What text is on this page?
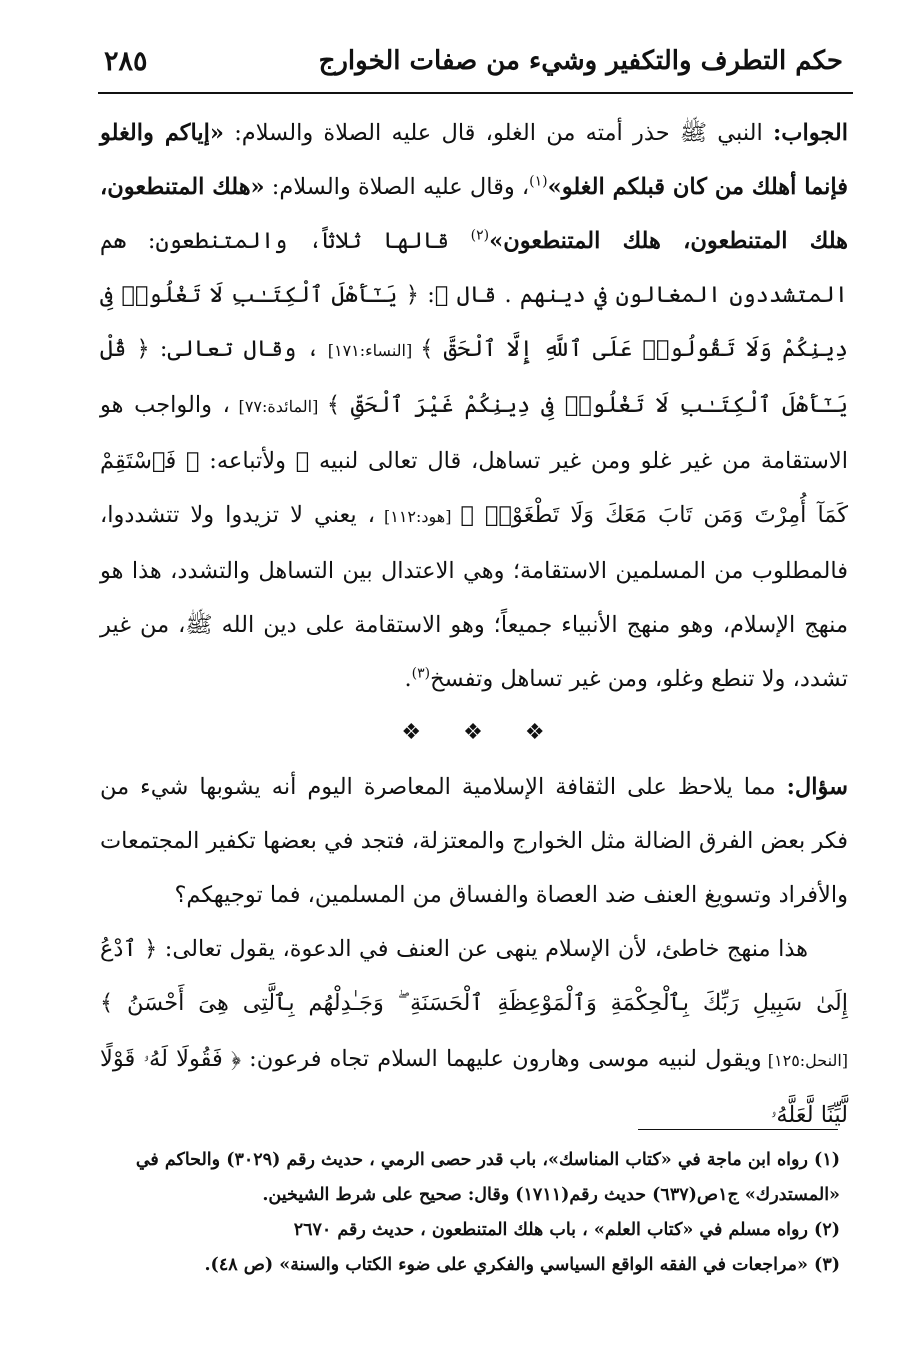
٢٨٥	حكم التطرف والتكفير وشيء من صفات الخوارج

الجواب: النبي ﷺ حذر أمته من الغلو، قال عليه الصلاة والسلام: «إياكم والغلو فإنما أهلك من كان قبلكم الغلو»$^{(١)}$، وقال عليه الصلاة والسلام: «هلك المتنطعون، هلك المتنطعون، هلك المتنطعون»$^{(٢)}$ قالها ثلاثاً، والمتنطعون: هم المتشددون المغالون في دينهم . قال ﷺ: ﴿ يَـٰٓأَهْلَ ٱلْكِتَـٰبِ لَا تَغْلُوا۟ فِى دِينِكُمْ وَلَا تَقُولُوا۟ عَلَى ٱللَّهِ إِلَّا ٱلْحَقَّ ﴾ [النساء:١٧١] ، وقال تعالى: ﴿ قُلْ يَـٰٓأَهْلَ ٱلْكِتَـٰبِ لَا تَغْلُوا۟ فِى دِينِكُمْ غَيْرَ ٱلْحَقِّ ﴾ [المائدة:٧٧] ، والواجب هو الاستقامة من غير غلو ومن غير تساهل، قال تعالى لنبيه ﷺ ولأتباعه: ﴿ فَٱسْتَقِمْ كَمَآ أُمِرْتَ وَمَن تَابَ مَعَكَ وَلَا تَطْغَوْا۟ ﴾ [هود:١١٢] ، يعني لا تزيدوا ولا تتشددوا، فالمطلوب من المسلمين الاستقامة؛ وهي الاعتدال بين التساهل والتشدد، هذا هو منهج الإسلام، وهو منهج الأنبياء جميعاً؛ وهو الاستقامة على دين الله ﷺ، من غير تشدد، ولا تنطع وغلو، ومن غير تساهل وتفسخ$^{(٣)}$.

❖ ❖ ❖

سؤال: مما يلاحظ على الثقافة الإسلامية المعاصرة اليوم أنه يشوبها شيء من فكر بعض الفرق الضالة مثل الخوارج والمعتزلة، فتجد في بعضها تكفير المجتمعات والأفراد وتسويغ العنف ضد العصاة والفساق من المسلمين، فما توجيهكم؟

هذا منهج خاطئ، لأن الإسلام ينهى عن العنف في الدعوة، يقول تعالى: ﴿ ٱدْعُ إِلَىٰ سَبِيلِ رَبِّكَ بِٱلْحِكْمَةِ وَٱلْمَوْعِظَةِ ٱلْحَسَنَةِ ۖ وَجَـٰدِلْهُم بِٱلَّتِى هِىَ أَحْسَنُ ﴾ [النحل:١٢٥] ويقول لنبيه موسى وهارون عليهما السلام تجاه فرعون: ﴿ فَقُولَا لَهُۥ قَوْلًا لَّيِّنًا لَّعَلَّهُۥ

(١) رواه ابن ماجة في «كتاب المناسك»، باب قدر حصى الرمي ، حديث رقم (٣٠٢٩) والحاكم في «المستدرك» ج١ص(٦٣٧) حديث رقم(١٧١١) وقال: صحيح على شرط الشيخين.

(٢) رواه مسلم في «كتاب العلم» ، باب هلك المتنطعون ، حديث رقم ٢٦٧٠

(٣) «مراجعات في الفقه الواقع السياسي والفكري على ضوء الكتاب والسنة» (ص ٤٨).
